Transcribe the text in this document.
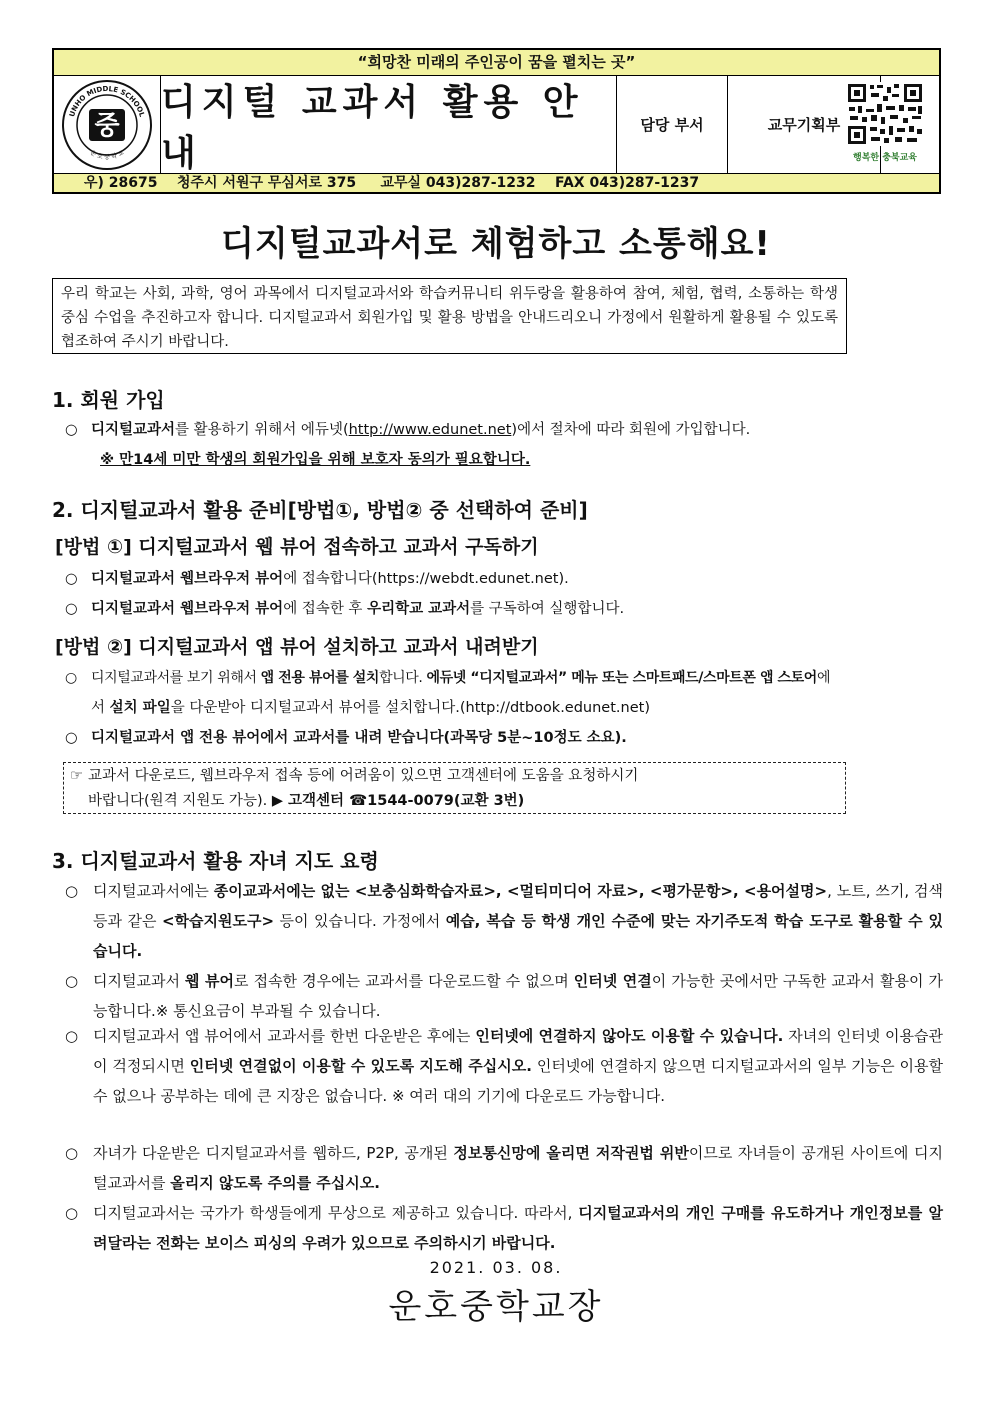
“희망찬 미래의 주인공이 꿈을 펼치는 곳”
UNHO MIDDLE SCHOOL
운 호 중 학 교
중
디지털 교과서 활용 안내
담당 부서	교무기획부
우) 28675    청주시 서원구 무심서로 375     교무실 043)287-1232    FAX 043)287-1237
행복한 충북교육
디지털교과서로 체험하고 소통해요!
우리 학교는 사회, 과학, 영어 과목에서 디지털교과서와 학습커뮤니티 위두랑을 활용하여 참여, 체험, 협력, 소통하는 학생 중심 수업을 추진하고자 합니다. 디지털교과서 회원가입 및 활용 방법을 안내드리오니 가정에서 원활하게 활용될 수 있도록 협조하여 주시기 바랍니다.
1. 회원 가입
○ 디지털교과서를 활용하기 위해서 에듀넷(http://www.edunet.net)에서 절차에 따라 회원에 가입합니다.
※ 만14세 미만 학생의 회원가입을 위해 보호자 동의가 필요합니다.
2. 디지털교과서 활용 준비[방법①, 방법② 중 선택하여 준비]
[방법 ①] 디지털교과서 웹 뷰어 접속하고 교과서 구독하기
○ 디지털교과서 웹브라우저 뷰어에 접속합니다(https://webdt.edunet.net).
○ 디지털교과서 웹브라우저 뷰어에 접속한 후 우리학교 교과서를 구독하여 실행합니다.
[방법 ②] 디지털교과서 앱 뷰어 설치하고 교과서 내려받기
○ 디지털교과서를 보기 위해서 앱 전용 뷰어를 설치합니다. 에듀넷 “디지털교과서” 메뉴 또는 스마트패드/스마트폰 앱 스토어에
서 설치 파일을 다운받아 디지털교과서 뷰어를 설치합니다.(http://dtbook.edunet.net)
○ 디지털교과서 앱 전용 뷰어에서 교과서를 내려 받습니다(과목당 5분~10정도 소요).
☞ 교과서 다운로드, 웹브라우저 접속 등에 어려움이 있으면 고객센터에 도움을 요청하시기
바랍니다(원격 지원도 가능). ▶ 고객센터 ☎1544-0079(교환 3번)
3. 디지털교과서 활용 자녀 지도 요령
○ 디지털교과서에는 종이교과서에는 없는 <보충심화학습자료>, <멀티미디어 자료>, <평가문항>, <용어설명>, 노트, 쓰기, 검색 등과 같은 <학습지원도구> 등이 있습니다. 가정에서 예습, 복습 등 학생 개인 수준에 맞는 자기주도적 학습 도구로 활용할 수 있습니다.
○ 디지털교과서 웹 뷰어로 접속한 경우에는 교과서를 다운로드할 수 없으며 인터넷 연결이 가능한 곳에서만 구독한 교과서 활용이 가능합니다.※ 통신요금이 부과될 수 있습니다.
○ 디지털교과서 앱 뷰어에서 교과서를 한번 다운받은 후에는 인터넷에 연결하지 않아도 이용할 수 있습니다. 자녀의 인터넷 이용습관이 걱정되시면 인터넷 연결없이 이용할 수 있도록 지도해 주십시오. 인터넷에 연결하지 않으면 디지털교과서의 일부 기능은 이용할 수 없으나 공부하는 데에 큰 지장은 없습니다. ※ 여러 대의 기기에 다운로드 가능합니다.
○ 자녀가 다운받은 디지털교과서를 웹하드, P2P, 공개된 정보통신망에 올리면 저작권법 위반이므로 자녀들이 공개된 사이트에 디지털교과서를 올리지 않도록 주의를 주십시오.
○ 디지털교과서는 국가가 학생들에게 무상으로 제공하고 있습니다. 따라서, 디지털교과서의 개인 구매를 유도하거나 개인정보를 알려달라는 전화는 보이스 피싱의 우려가 있으므로 주의하시기 바랍니다.
2021. 03. 08.
운호중학교장
